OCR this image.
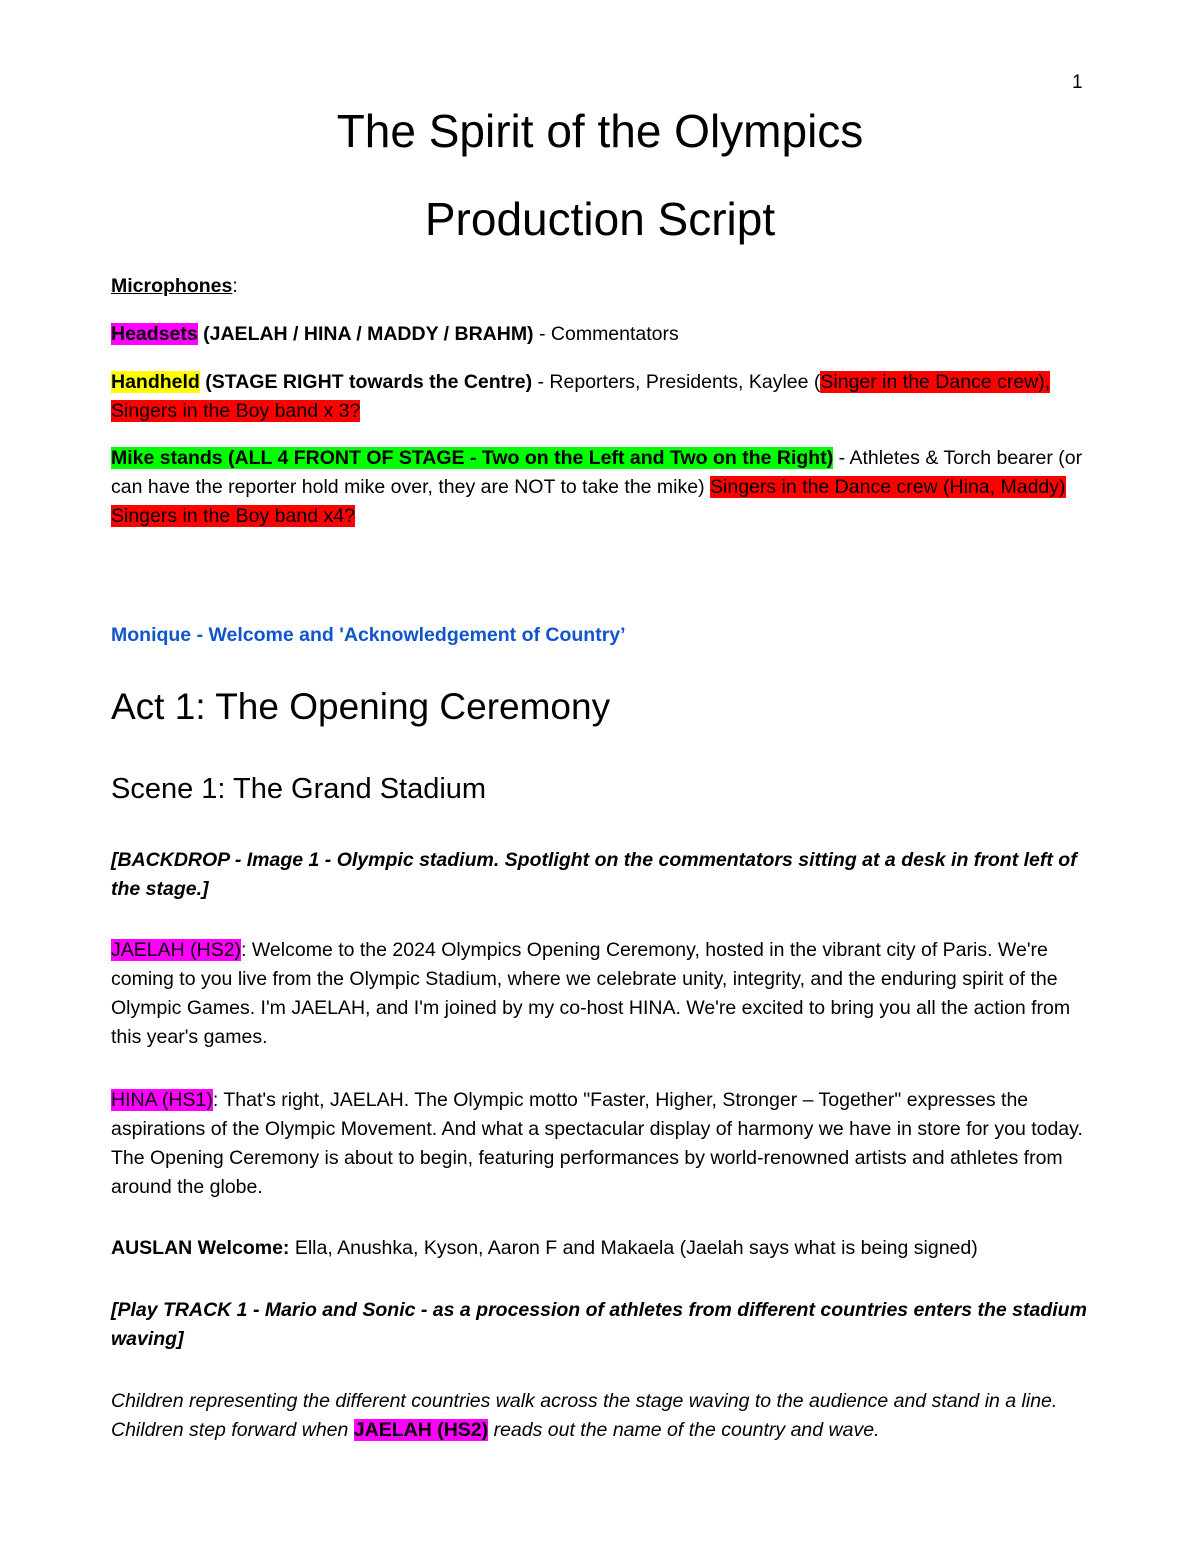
1
The Spirit of the Olympics
Production Script
Microphones:
Headsets (JAELAH / HINA / MADDY / BRAHM) - Commentators
Handheld (STAGE RIGHT towards the Centre) - Reporters, Presidents, Kaylee (Singer in the Dance crew), Singers in the Boy band x 3?
Mike stands (ALL 4 FRONT OF STAGE - Two on the Left and Two on the Right) - Athletes & Torch bearer (or can have the reporter hold mike over, they are NOT to take the mike) Singers in the Dance crew (Hina, Maddy) Singers in the Boy band x4?
Monique - Welcome and 'Acknowledgement of Country’
Act 1: The Opening Ceremony
Scene 1: The Grand Stadium
[BACKDROP - Image 1 - Olympic stadium. Spotlight on the commentators sitting at a desk in front left of the stage.]
JAELAH (HS2): Welcome to the 2024 Olympics Opening Ceremony, hosted in the vibrant city of Paris. We're coming to you live from the Olympic Stadium, where we celebrate unity, integrity, and the enduring spirit of the Olympic Games. I'm JAELAH, and I'm joined by my co-host HINA. We're excited to bring you all the action from this year's games.
HINA (HS1): That's right, JAELAH. The Olympic motto "Faster, Higher, Stronger – Together" expresses the aspirations of the Olympic Movement. And what a spectacular display of harmony we have in store for you today. The Opening Ceremony is about to begin, featuring performances by world-renowned artists and athletes from around the globe.
AUSLAN Welcome: Ella, Anushka, Kyson, Aaron F and Makaela (Jaelah says what is being signed)
[Play TRACK 1 - Mario and Sonic - as a procession of athletes from different countries enters the stadium waving]
Children representing the different countries walk across the stage waving to the audience and stand in a line. Children step forward when JAELAH (HS2) reads out the name of the country and wave.
